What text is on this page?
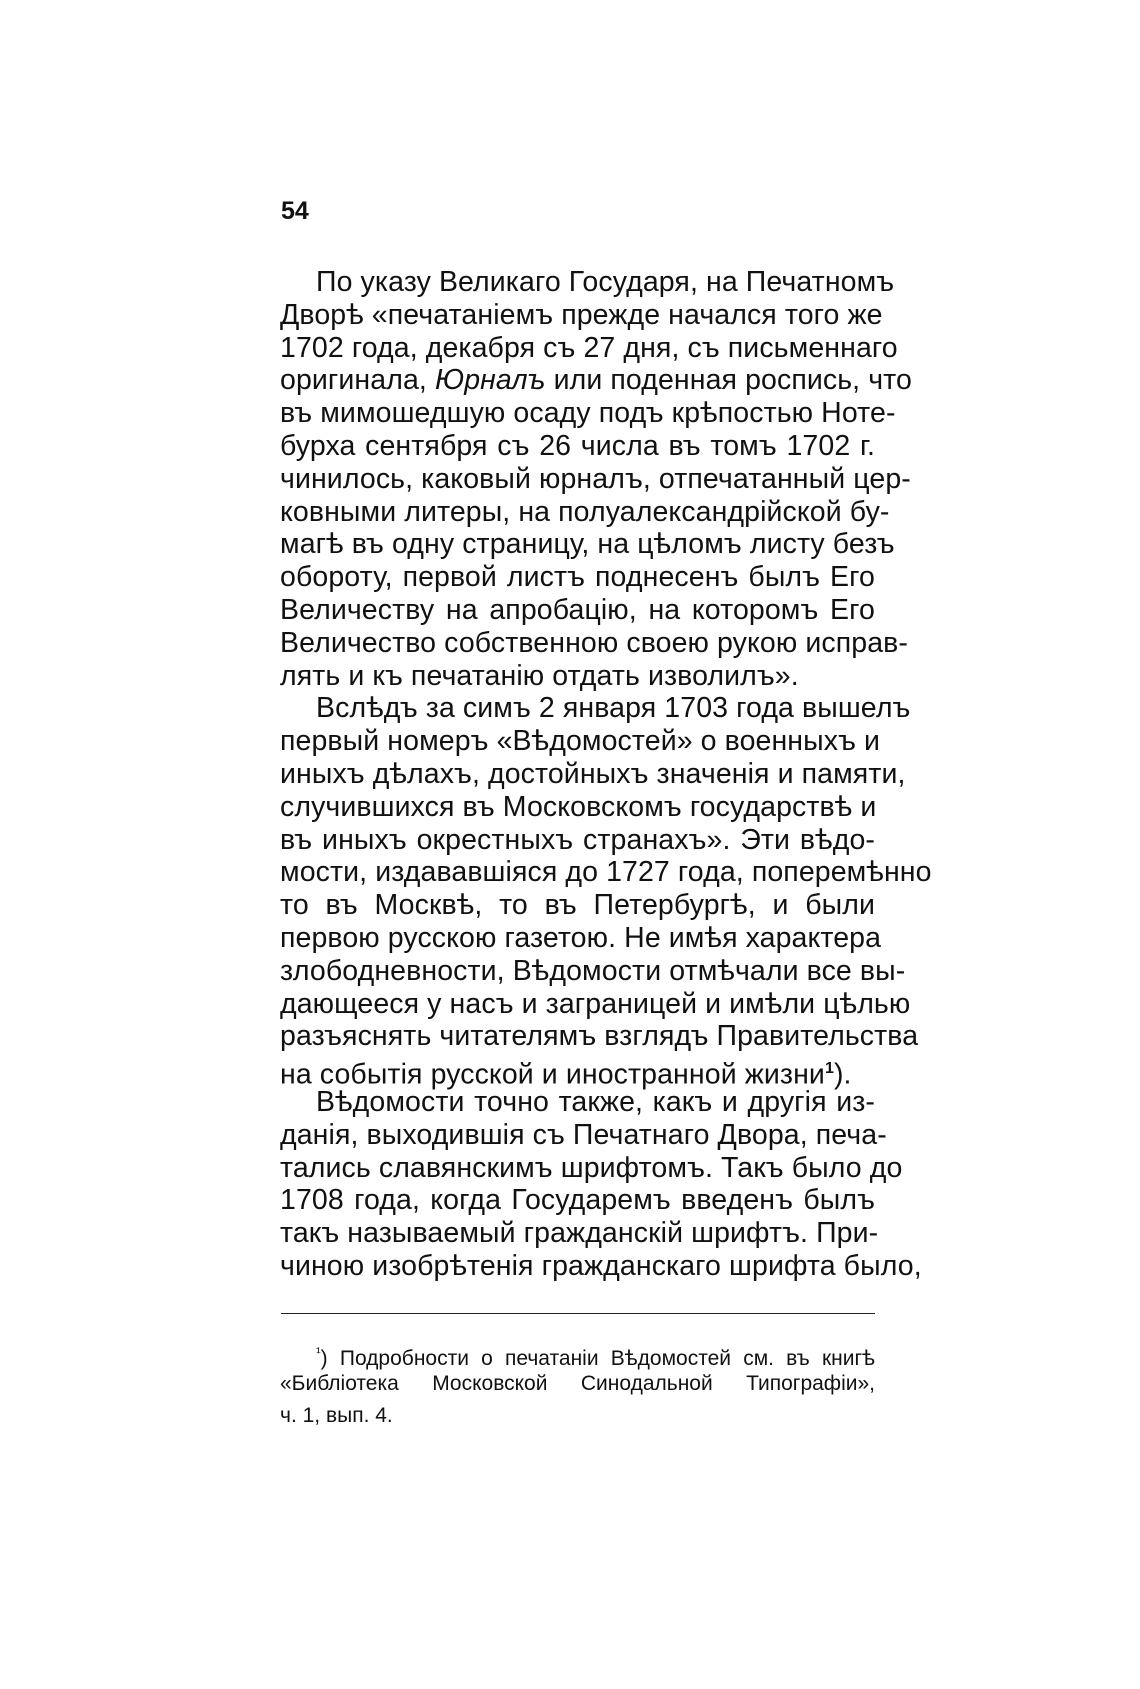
54
По указу Великаго Государя, на Печатномъ
Дворѣ «печатаніемъ прежде начался того же
1702 года, декабря съ 27 дня, съ письменнаго
оригинала, Юрналъ или поденная роспись, что
въ мимошедшую осаду подъ крѣпостью Ноте-
бурха сентября съ 26 числа въ томъ 1702 г.
чинилось, каковый юрналъ, отпечатанный цер-
ковными литеры, на полуалександрійской бу-
магѣ въ одну страницу, на цѣломъ листу безъ
обороту, первой листъ поднесенъ былъ Его
Величеству на апробацію, на которомъ Его
Величество собственною своею рукою исправ-
лять и къ печатанію отдать изволилъ».
Вслѣдъ за симъ 2 января 1703 года вышелъ
первый номеръ «Вѣдомостей» о военныхъ и
иныхъ дѣлахъ, достойныхъ значенія и памяти,
случившихся въ Московскомъ государствѣ и
въ иныхъ окрестныхъ странахъ». Эти вѣдо-
мости, издававшіяся до 1727 года, поперемѣнно
то въ Москвѣ, то въ Петербургѣ, и были
первою русскою газетою. Не имѣя характера
злободневности, Вѣдомости отмѣчали все вы-
дающееся у насъ и заграницей и имѣли цѣлью
разъяснять читателямъ взглядъ Правительства
на событія русской и иностранной жизни$^1$).
Вѣдомости точно также, какъ и другія из-
данія, выходившія съ Печатнаго Двора, печа-
тались славянскимъ шрифтомъ. Такъ было до
1708 года, когда Государемъ введенъ былъ
такъ называемый гражданскій шрифтъ. При-
чиною изобрѣтенія гражданскаго шрифта было,
$^{^1}$) Подробности о печатаніи Вѣдомостей см. въ книгѣ
«Библіотека Московской Синодальной Типографіи»,
ч. 1, вып. 4.
